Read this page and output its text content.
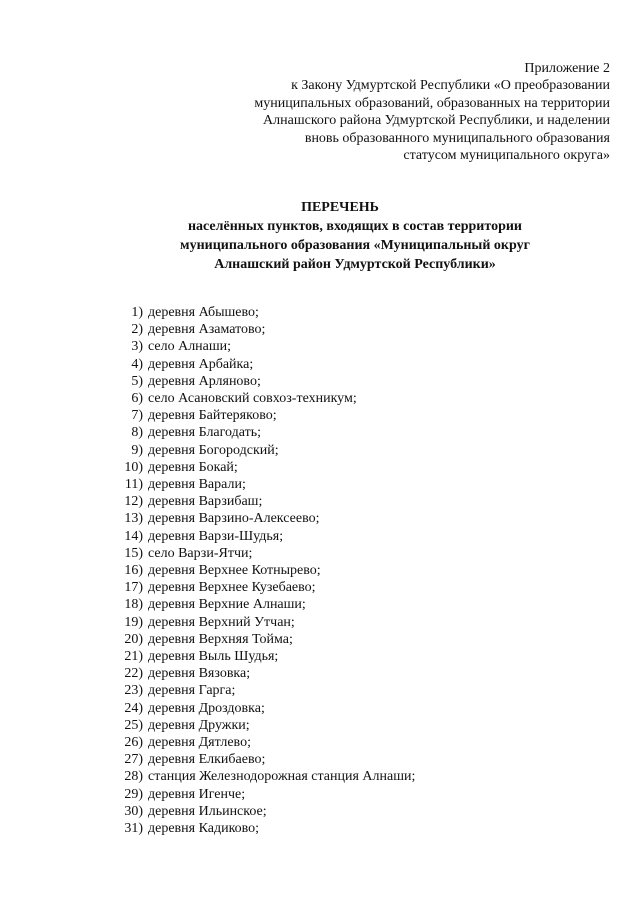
Приложение 2
к Закону Удмуртской Республики «О преобразовании
муниципальных образований, образованных на территории
Алнашского района Удмуртской Республики, и наделении
вновь образованного муниципального образования
статусом муниципального округа»
ПЕРЕЧЕНЬ
населённых пунктов, входящих в состав территории
муниципального образования «Муниципальный округ
Алнашский район Удмуртской Республики»
1) деревня Абышево;
2) деревня Азаматово;
3) село Алнаши;
4) деревня Арбайка;
5) деревня Арляново;
6) село Асановский совхоз-техникум;
7) деревня Байтеряково;
8) деревня Благодать;
9) деревня Богородский;
10) деревня Бокай;
11) деревня Варали;
12) деревня Варзибаш;
13) деревня Варзино-Алексеево;
14) деревня Варзи-Шудья;
15) село Варзи-Ятчи;
16) деревня Верхнее Котнырево;
17) деревня Верхнее Кузебаево;
18) деревня Верхние Алнаши;
19) деревня Верхний Утчан;
20) деревня Верхняя Тойма;
21) деревня Выль Шудья;
22) деревня Вязовка;
23) деревня Гарга;
24) деревня Дроздовка;
25) деревня Дружки;
26) деревня Дятлево;
27) деревня Елкибаево;
28) станция Железнодорожная станция Алнаши;
29) деревня Игенче;
30) деревня Ильинское;
31) деревня Кадиково;
